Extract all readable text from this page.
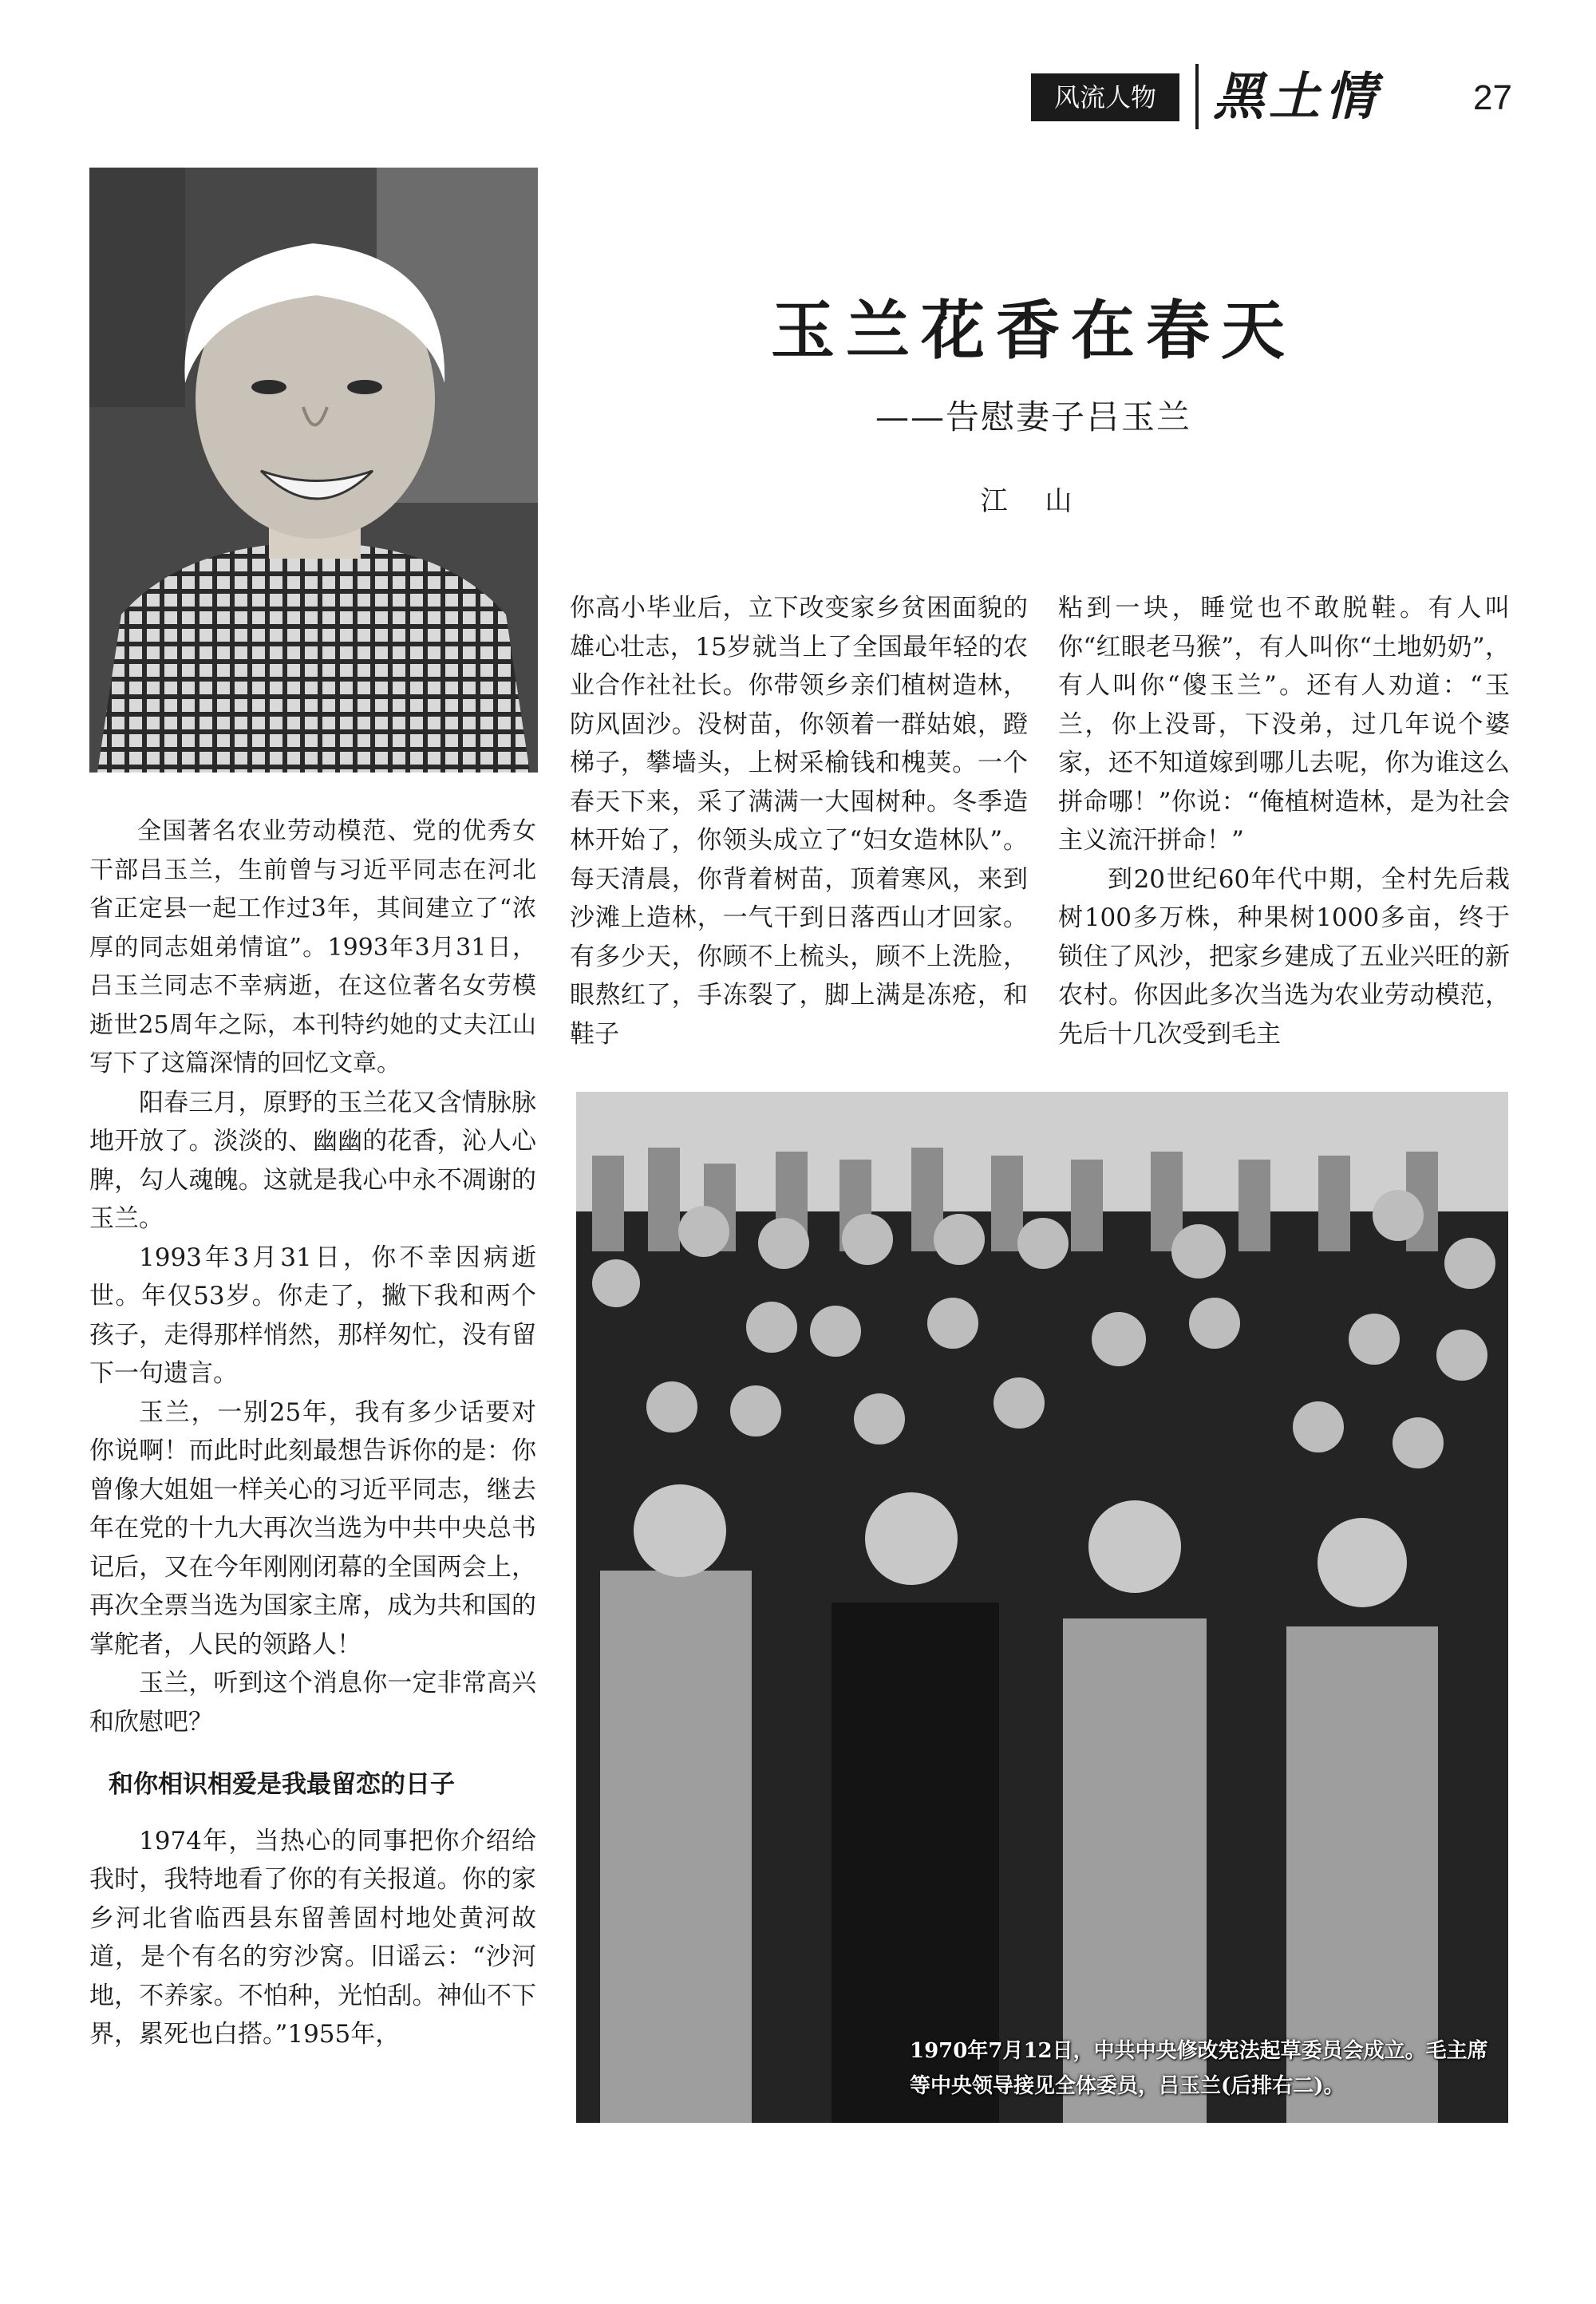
风流人物	黑土情	27
玉兰花香在春天
——告慰妻子吕玉兰
江 山

全国著名农业劳动模范、党的优秀女干部吕玉兰，生前曾与习近平同志在河北省正定县一起工作过3年，其间建立了“浓厚的同志姐弟情谊”。1993年3月31日，吕玉兰同志不幸病逝，在这位著名女劳模逝世25周年之际，本刊特约她的丈夫江山写下了这篇深情的回忆文章。

阳春三月，原野的玉兰花又含情脉脉地开放了。淡淡的、幽幽的花香，沁人心脾，勾人魂魄。这就是我心中永不凋谢的玉兰。

1993年3月31日，你不幸因病逝世。年仅53岁。你走了，撇下我和两个孩子，走得那样悄然，那样匆忙，没有留下一句遗言。

玉兰，一别25年，我有多少话要对你说啊！而此时此刻最想告诉你的是：你曾像大姐姐一样关心的习近平同志，继去年在党的十九大再次当选为中共中央总书记后，又在今年刚刚闭幕的全国两会上，再次全票当选为国家主席，成为共和国的掌舵者，人民的领路人！

玉兰，听到这个消息你一定非常高兴和欣慰吧？

和你相识相爱是我最留恋的日子

1974年，当热心的同事把你介绍给我时，我特地看了你的有关报道。你的家乡河北省临西县东留善固村地处黄河故道，是个有名的穷沙窝。旧谣云：“沙河地，不养家。不怕种，光怕刮。神仙不下界，累死也白搭。”1955年，

你高小毕业后，立下改变家乡贫困面貌的雄心壮志，15岁就当上了全国最年轻的农业合作社社长。你带领乡亲们植树造林，防风固沙。没树苗，你领着一群姑娘，蹬梯子，攀墙头，上树采榆钱和槐荚。一个春天下来，采了满满一大囤树种。冬季造林开始了，你领头成立了“妇女造林队”。每天清晨，你背着树苗，顶着寒风，来到沙滩上造林，一气干到日落西山才回家。有多少天，你顾不上梳头，顾不上洗脸，眼熬红了，手冻裂了，脚上满是冻疮，和鞋子

粘到一块，睡觉也不敢脱鞋。有人叫你“红眼老马猴”，有人叫你“土地奶奶”，有人叫你“傻玉兰”。还有人劝道：“玉兰，你上没哥，下没弟，过几年说个婆家，还不知道嫁到哪儿去呢，你为谁这么拼命哪！”你说：“俺植树造林，是为社会主义流汗拼命！”

到20世纪60年代中期，全村先后栽树100多万株，种果树1000多亩，终于锁住了风沙，把家乡建成了五业兴旺的新农村。你因此多次当选为农业劳动模范，先后十几次受到毛主

1970年7月12日，中共中央修改宪法起草委员会成立。毛主席等中央领导接见全体委员，吕玉兰(后排右二)。
